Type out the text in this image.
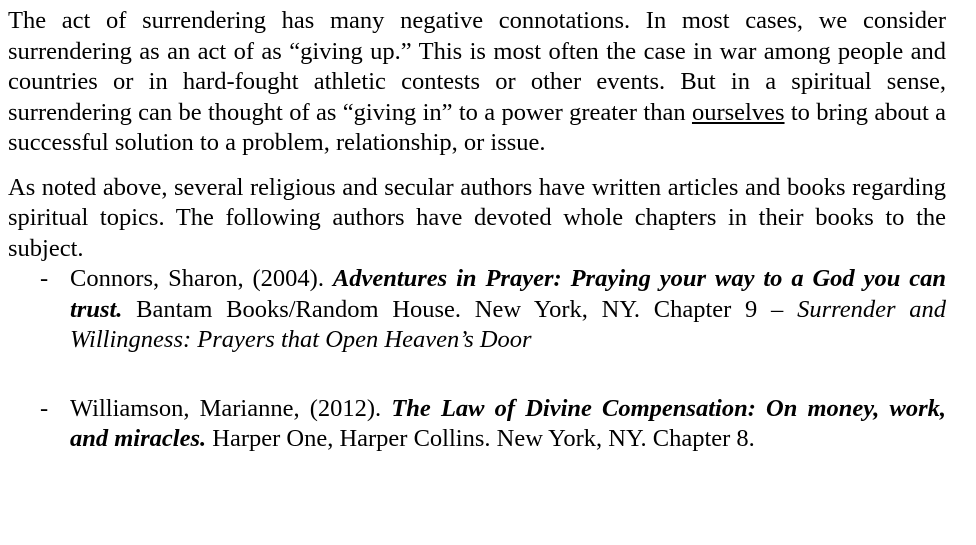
The act of surrendering has many negative connotations. In most cases, we consider surrendering as an act of as “giving up.” This is most often the case in war among people and countries or in hard-fought athletic contests or other events. But in a spiritual sense, surrendering can be thought of as “giving in” to a power greater than ourselves to bring about a successful solution to a problem, relationship, or issue.

As noted above, several religious and secular authors have written articles and books regarding spiritual topics. The following authors have devoted whole chapters in their books to the subject.

- Connors, Sharon, (2004). Adventures in Prayer: Praying your way to a God you can trust. Bantam Books/Random House. New York, NY. Chapter 9 – Surrender and Willingness: Prayers that Open Heaven’s Door
- Williamson, Marianne, (2012). The Law of Divine Compensation: On money, work, and miracles. Harper One, Harper Collins. New York, NY. Chapter 8.
